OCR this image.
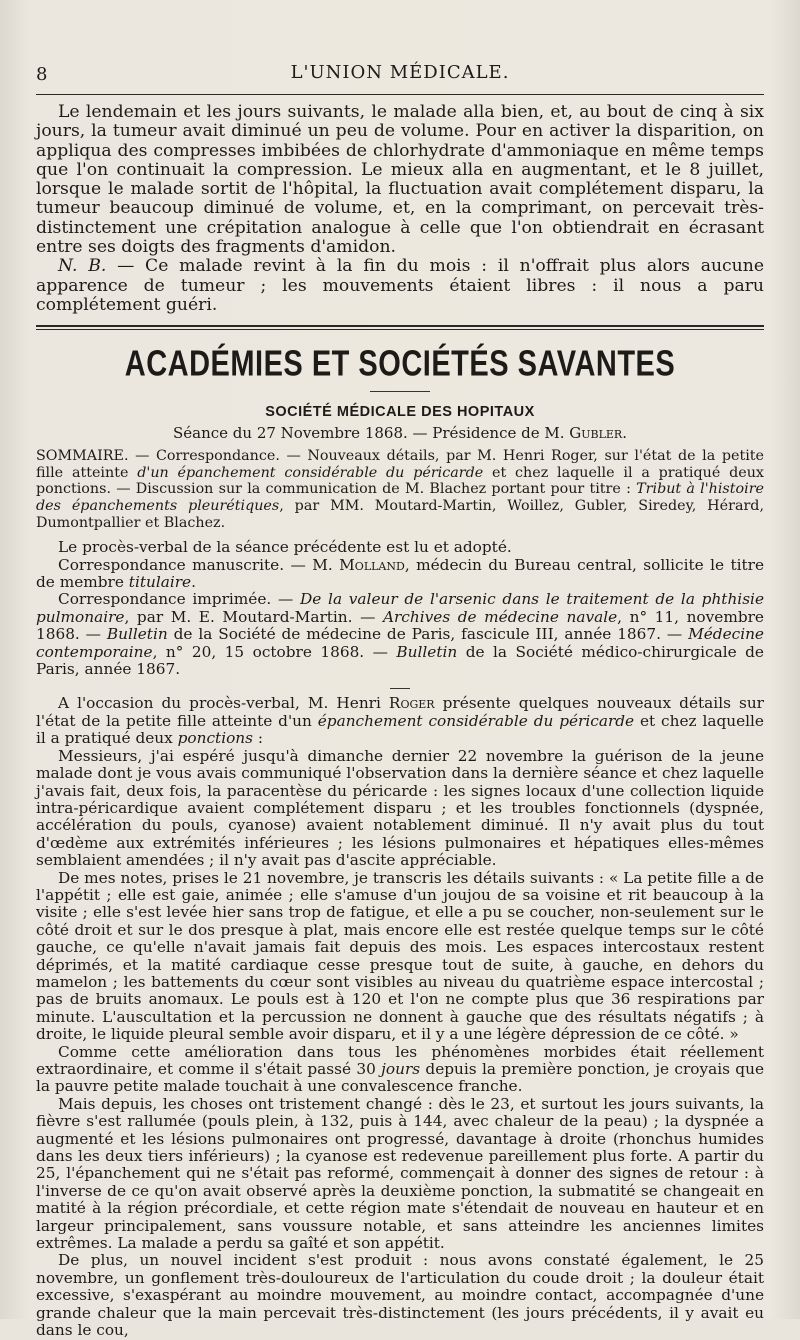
8	L'UNION MÉDICALE.

Le lendemain et les jours suivants, le malade alla bien, et, au bout de cinq à six jours, la tumeur avait diminué un peu de volume. Pour en activer la disparition, on appliqua des compresses imbibées de chlorhydrate d'ammoniaque en même temps que l'on continuait la compression. Le mieux alla en augmentant, et le 8 juillet, lorsque le malade sortit de l'hôpital, la fluctuation avait complétement disparu, la tumeur beaucoup diminué de volume, et, en la comprimant, on percevait très-distinctement une crépitation analogue à celle que l'on obtiendrait en écrasant entre ses doigts des fragments d'amidon.

N. B. — Ce malade revint à la fin du mois : il n'offrait plus alors aucune apparence de tumeur ; les mouvements étaient libres : il nous a paru complétement guéri.

ACADÉMIES ET SOCIÉTÉS SAVANTES

SOCIÉTÉ MÉDICALE DES HOPITAUX

Séance du 27 Novembre 1868. — Présidence de M. Gubler.

SOMMAIRE. — Correspondance. — Nouveaux détails, par M. Henri Roger, sur l'état de la petite fille atteinte d'un épanchement considérable du péricarde et chez laquelle il a pratiqué deux ponctions. — Discussion sur la communication de M. Blachez portant pour titre : Tribut à l'histoire des épanchements pleurétiques, par MM. Moutard-Martin, Woillez, Gubler, Siredey, Hérard, Dumontpallier et Blachez.

Le procès-verbal de la séance précédente est lu et adopté.

Correspondance manuscrite. — M. Molland, médecin du Bureau central, sollicite le titre de membre titulaire.

Correspondance imprimée. — De la valeur de l'arsenic dans le traitement de la phthisie pulmonaire, par M. E. Moutard-Martin. — Archives de médecine navale, n° 11, novembre 1868. — Bulletin de la Société de médecine de Paris, fascicule III, année 1867. — Médecine contemporaine, n° 20, 15 octobre 1868. — Bulletin de la Société médico-chirurgicale de Paris, année 1867.

A l'occasion du procès-verbal, M. Henri Roger présente quelques nouveaux détails sur l'état de la petite fille atteinte d'un épanchement considérable du péricarde et chez laquelle il a pratiqué deux ponctions :

Messieurs, j'ai espéré jusqu'à dimanche dernier 22 novembre la guérison de la jeune malade dont je vous avais communiqué l'observation dans la dernière séance et chez laquelle j'avais fait, deux fois, la paracentèse du péricarde : les signes locaux d'une collection liquide intra-péricardique avaient complétement disparu ; et les troubles fonctionnels (dyspnée, accélération du pouls, cyanose) avaient notablement diminué. Il n'y avait plus du tout d'œdème aux extrémités inférieures ; les lésions pulmonaires et hépatiques elles-mêmes semblaient amendées ; il n'y avait pas d'ascite appréciable.

De mes notes, prises le 21 novembre, je transcris les détails suivants : « La petite fille a de l'appétit ; elle est gaie, animée ; elle s'amuse d'un joujou de sa voisine et rit beaucoup à la visite ; elle s'est levée hier sans trop de fatigue, et elle a pu se coucher, non-seulement sur le côté droit et sur le dos presque à plat, mais encore elle est restée quelque temps sur le côté gauche, ce qu'elle n'avait jamais fait depuis des mois. Les espaces intercostaux restent déprimés, et la matité cardiaque cesse presque tout de suite, à gauche, en dehors du mamelon ; les battements du cœur sont visibles au niveau du quatrième espace intercostal ; pas de bruits anomaux. Le pouls est à 120 et l'on ne compte plus que 36 respirations par minute. L'auscultation et la percussion ne donnent à gauche que des résultats négatifs ; à droite, le liquide pleural semble avoir disparu, et il y a une légère dépression de ce côté. »

Comme cette amélioration dans tous les phénomènes morbides était réellement extraordinaire, et comme il s'était passé 30 jours depuis la première ponction, je croyais que la pauvre petite malade touchait à une convalescence franche.

Mais depuis, les choses ont tristement changé : dès le 23, et surtout les jours suivants, la fièvre s'est rallumée (pouls plein, à 132, puis à 144, avec chaleur de la peau) ; la dyspnée a augmenté et les lésions pulmonaires ont progressé, davantage à droite (rhonchus humides dans les deux tiers inférieurs) ; la cyanose est redevenue pareillement plus forte. A partir du 25, l'épanchement qui ne s'était pas reformé, commençait à donner des signes de retour : à l'inverse de ce qu'on avait observé après la deuxième ponction, la submatité se changeait en matité à la région précordiale, et cette région mate s'étendait de nouveau en hauteur et en largeur principalement, sans voussure notable, et sans atteindre les anciennes limites extrêmes. La malade a perdu sa gaîté et son appétit.

De plus, un nouvel incident s'est produit : nous avons constaté également, le 25 novembre, un gonflement très-douloureux de l'articulation du coude droit ; la douleur était excessive, s'exaspérant au moindre mouvement, au moindre contact, accompagnée d'une grande chaleur que la main percevait très-distinctement (les jours précédents, il y avait eu dans le cou,
